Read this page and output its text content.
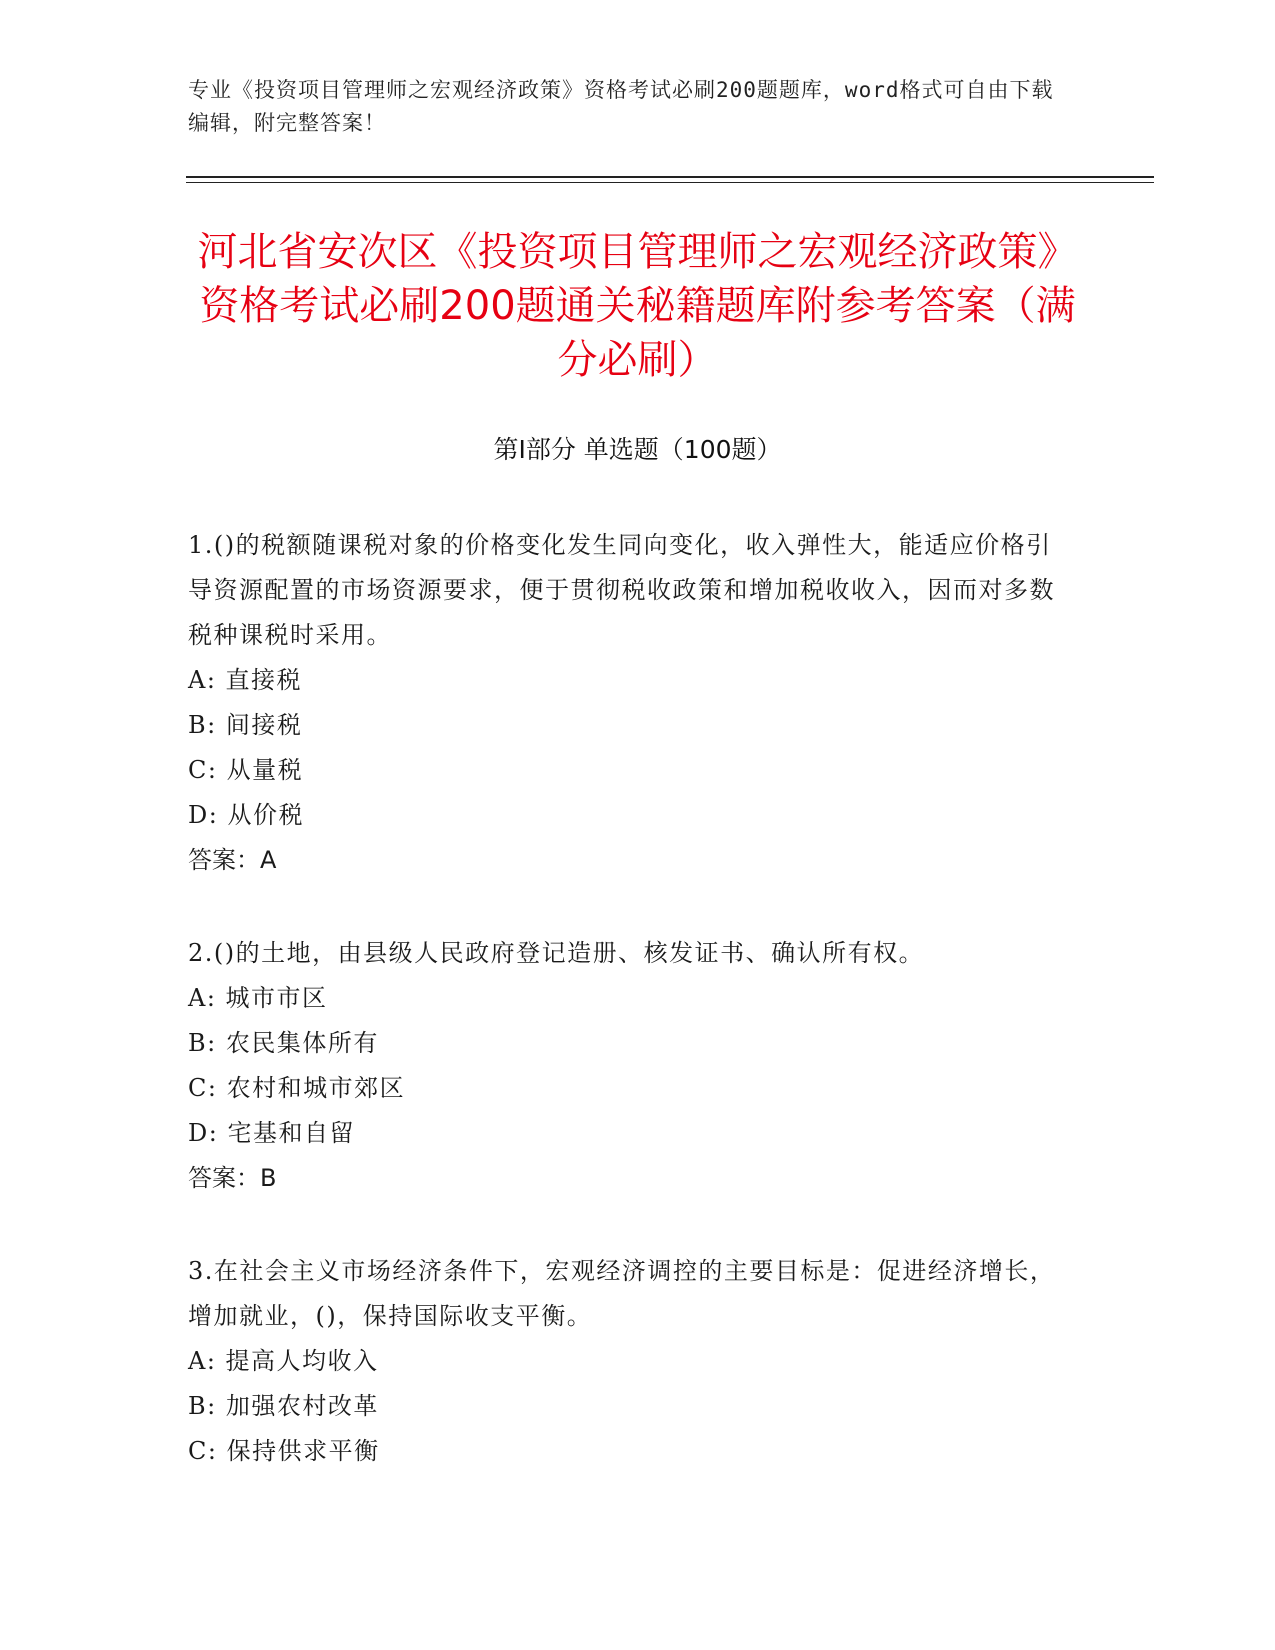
专业《投资项目管理师之宏观经济政策》资格考试必刷200题题库，word格式可自由下载编辑，附完整答案！
河北省安次区《投资项目管理师之宏观经济政策》资格考试必刷200题通关秘籍题库附参考答案（满分必刷）
第I部分 单选题（100题）

1.()的税额随课税对象的价格变化发生同向变化，收入弹性大，能适应价格引导资源配置的市场资源要求，便于贯彻税收政策和增加税收收入，因而对多数税种课税时采用。

A: 直接税

B: 间接税

C: 从量税

D: 从价税

答案：A

2.()的土地，由县级人民政府登记造册、核发证书、确认所有权。

A: 城市市区

B: 农民集体所有

C: 农村和城市郊区

D: 宅基和自留

答案：B

3.在社会主义市场经济条件下，宏观经济调控的主要目标是：促进经济增长，增加就业，()，保持国际收支平衡。

A: 提高人均收入

B: 加强农村改革

C: 保持供求平衡
